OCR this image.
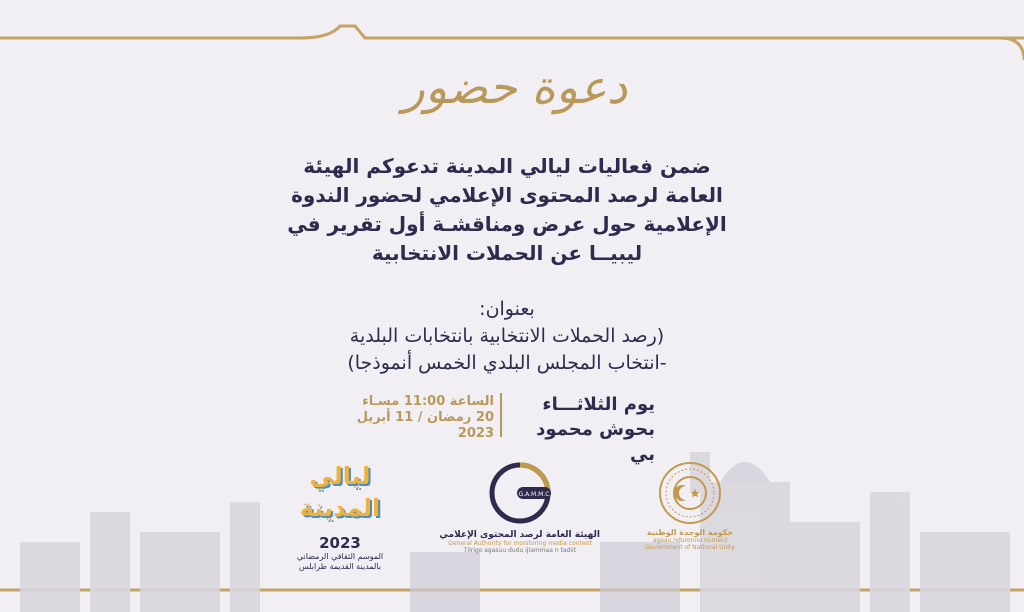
دعوة حضور
ضمن فعاليات ليالي المدينة تدعوكم الهيئة
العامة لرصد المحتوى الإعلامي لحضور الندوة
الإعلامية حول عرض ومناقشـة أول تقرير في
ليبيــا عن الحملات الانتخابية
بعنوان:
(رصد الحملات الانتخابية بانتخابات البلدية
-انتخاب المجلس البلدي الخمس أنموذجا)
يوم الثلاثـــاء
بحوش محمود بي
الساعة 11:00 مسـاء
20 رمضان / 11 أبريل 2023
ليالي المدينة
2023
الموسم الثقافي الرمضاني
بالمدينة القديمة طرابلس
G.A.M.M.C
الهيئة العامة لرصد المحتوى الإعلامي
General Authority for monitoring media content
Tilrigo agasuu dudu ijlammaa n tadiit
حكومة الوحدة الوطنية
agaau nduronnu numel-t
Government of National Unity
